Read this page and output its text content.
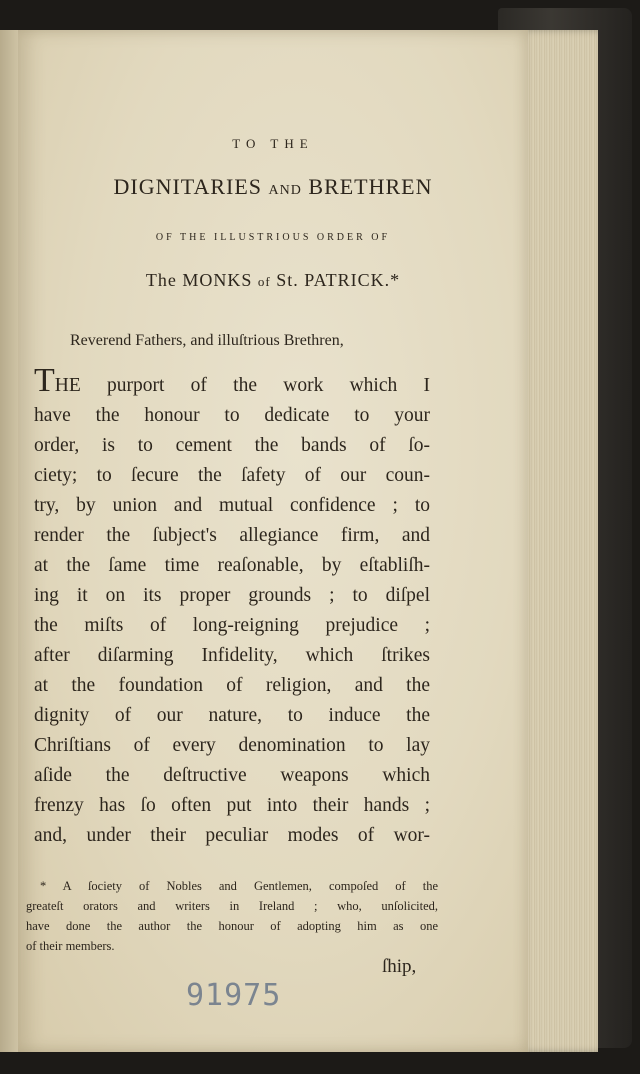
TO THE
DIGNITARIES AND BRETHREN
OF THE ILLUSTRIOUS ORDER OF
The MONKS of St. PATRICK.*
Reverend Fathers, and illuſtrious Brethren,
THE purport of the work which I
have the honour to dedicate to your
order, is to cement the bands of ſo-
ciety; to ſecure the ſafety of our coun-
try, by union and mutual confidence ; to
render the ſubject's allegiance firm, and
at the ſame time reaſonable, by eſtabliſh-
ing it on its proper grounds ; to diſpel
the miſts of long-reigning prejudice ;
after diſarming Infidelity, which ſtrikes
at the foundation of religion, and the
dignity of our nature, to induce the
Chriſtians of every denomination to lay
aſide the deſtructive weapons which
frenzy has ſo often put into their hands ;
and, under their peculiar modes of wor-
* A ſociety of Nobles and Gentlemen, compoſed of the
greateſt orators and writers in Ireland ; who, unſolicited,
have done the author the honour of adopting him as one
of their members.
ſhip,
91975
